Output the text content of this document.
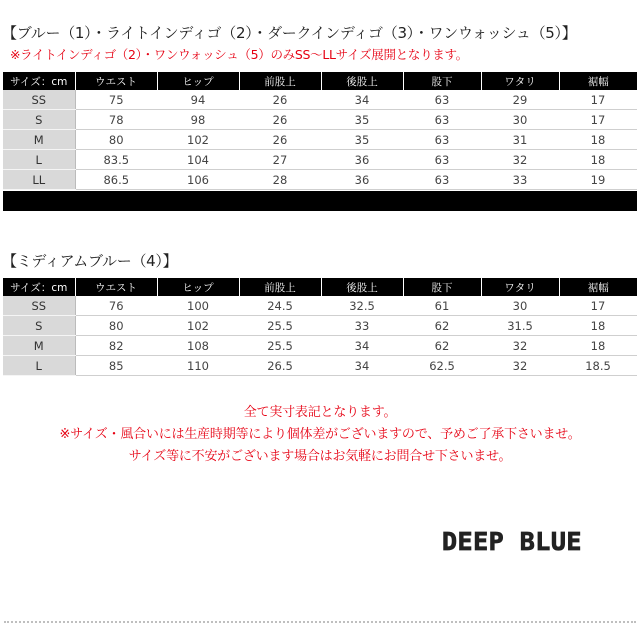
【ブルー（1）・ライトインディゴ（2）・ダークインディゴ（3）・ワンウォッシュ（5）】
※ライトインディゴ（2）・ワンウォッシュ（5）のみSS〜LLサイズ展開となります。
サイズ：cm	ウエスト	ヒップ	前股上	後股上	股下	ワタリ	裾幅
SS	75	94	26	34	63	29	17
S	78	98	26	35	63	30	17
M	80	102	26	35	63	31	18
L	83.5	104	27	36	63	32	18
LL	86.5	106	28	36	63	33	19
【ミディアムブルー（4）】
サイズ：cm	ウエスト	ヒップ	前股上	後股上	股下	ワタリ	裾幅
SS	76	100	24.5	32.5	61	30	17
S	80	102	25.5	33	62	31.5	18
M	82	108	25.5	34	62	32	18
L	85	110	26.5	34	62.5	32	18.5
全て実寸表記となります。
※サイズ・風合いには生産時期等により個体差がございますので、予めご了承下さいませ。
サイズ等に不安がございます場合はお気軽にお問合せ下さいませ。
DEEP BLUE
